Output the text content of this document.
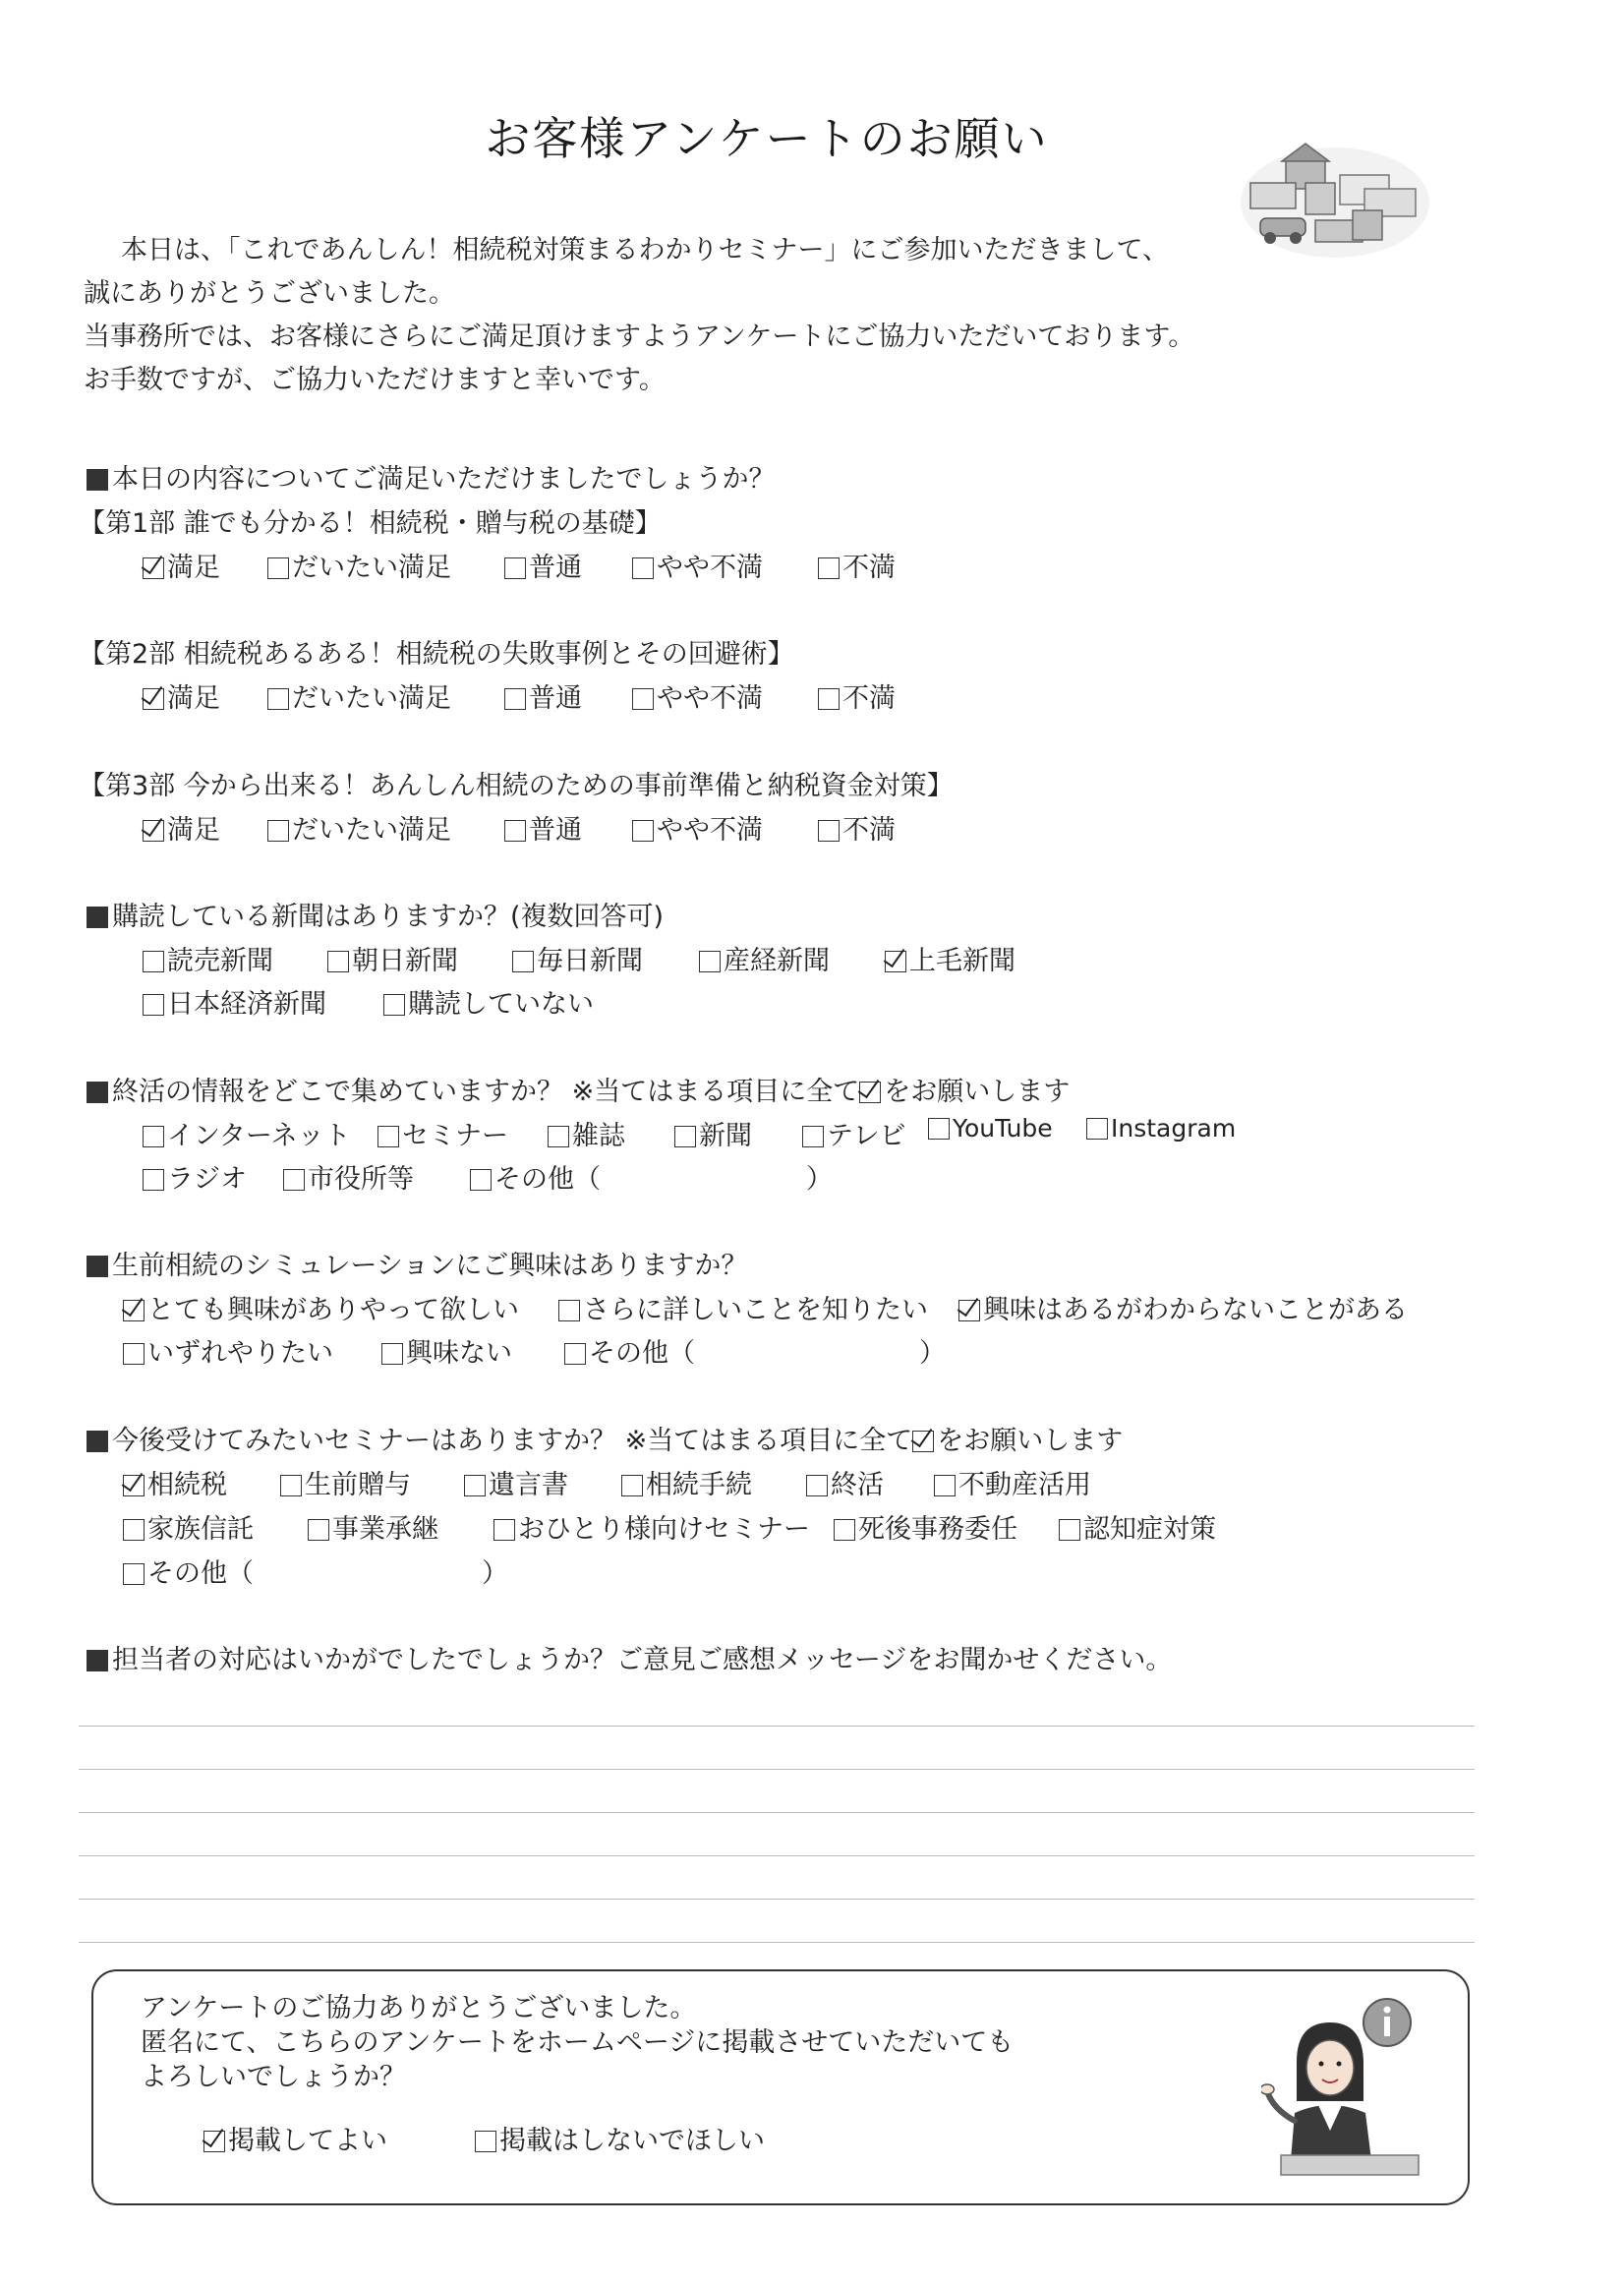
お客様アンケートのお願い
本日は、「これであんしん！相続税対策まるわかりセミナー」にご参加いただきまして、
誠にありがとうございました。
当事務所では、お客様にさらにご満足頂けますようアンケートにご協力いただいております。
お手数ですが、ご協力いただけますと幸いです。
本日の内容についてご満足いただけましたでしょうか？
【第1部 誰でも分かる！相続税・贈与税の基礎】
満足	だいたい満足	普通	やや不満	不満
【第2部 相続税あるある！相続税の失敗事例とその回避術】
満足	だいたい満足	普通	やや不満	不満
【第3部 今から出来る！あんしん相続のための事前準備と納税資金対策】
満足	だいたい満足	普通	やや不満	不満
購読している新聞はありますか？(複数回答可)
読売新聞	朝日新聞	毎日新聞	産経新聞	上毛新聞
日本経済新聞	購読していない
終活の情報をどこで集めていますか？ ※当てはまる項目に全て をお願いします
インターネット	セミナー	雑誌	新聞	テレビ	YouTube	Instagram
ラジオ	市役所等	その他（	）
生前相続のシミュレーションにご興味はありますか？
とても興味がありやって欲しい	さらに詳しいことを知りたい	興味はあるがわからないことがある
いずれやりたい	興味ない	その他（	）
今後受けてみたいセミナーはありますか？ ※当てはまる項目に全て をお願いします
相続税	生前贈与	遺言書	相続手続	終活	不動産活用
家族信託	事業承継	おひとり様向けセミナー	死後事務委任	認知症対策
その他（	）
担当者の対応はいかがでしたでしょうか？ご意見ご感想メッセージをお聞かせください。
アンケートのご協力ありがとうございました。
匿名にて、こちらのアンケートをホームページに掲載させていただいても
よろしいでしょうか？
掲載してよい	掲載はしないでほしい
